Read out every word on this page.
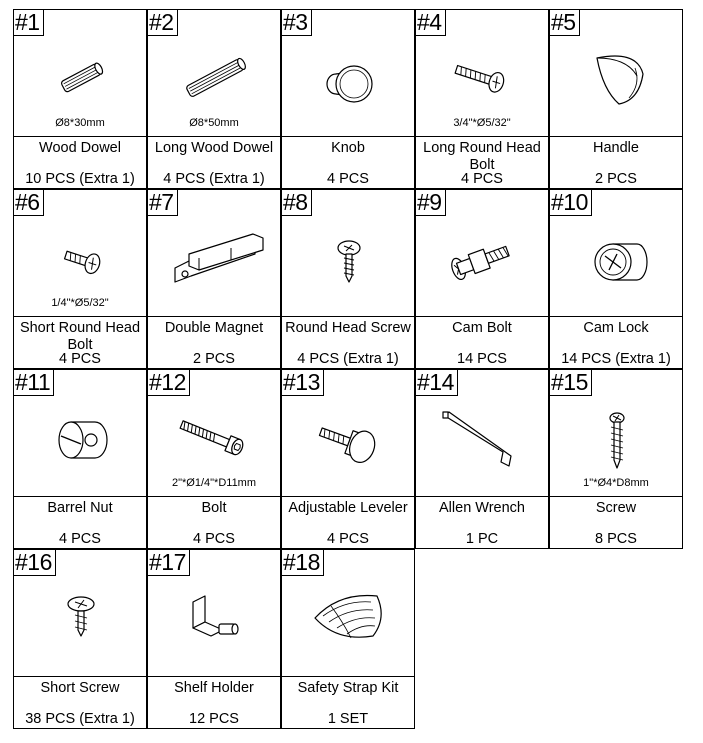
#1
Ø8*30mm
Wood Dowel
10 PCS (Extra 1)
#2
Ø8*50mm
Long Wood Dowel
4 PCS (Extra 1)
#3
Knob
4 PCS
#4
3/4"*Ø5/32"
Long Round Head Bolt
4 PCS
#5
Handle
2 PCS
#6
1/4"*Ø5/32"
Short Round Head Bolt
4 PCS
#7
Double Magnet
2 PCS
#8
Round Head Screw
4 PCS (Extra 1)
#9
Cam Bolt
14 PCS
#10
Cam Lock
14 PCS (Extra 1)
#11
Barrel Nut
4 PCS
#12
2"*Ø1/4"*D11mm
Bolt
4 PCS
#13
Adjustable Leveler
4 PCS
#14
Allen Wrench
1 PC
#15
1"*Ø4*D8mm
Screw
8 PCS
#16
Short Screw
38 PCS (Extra 1)
#17
Shelf Holder
12 PCS
#18
Safety Strap Kit
1 SET
